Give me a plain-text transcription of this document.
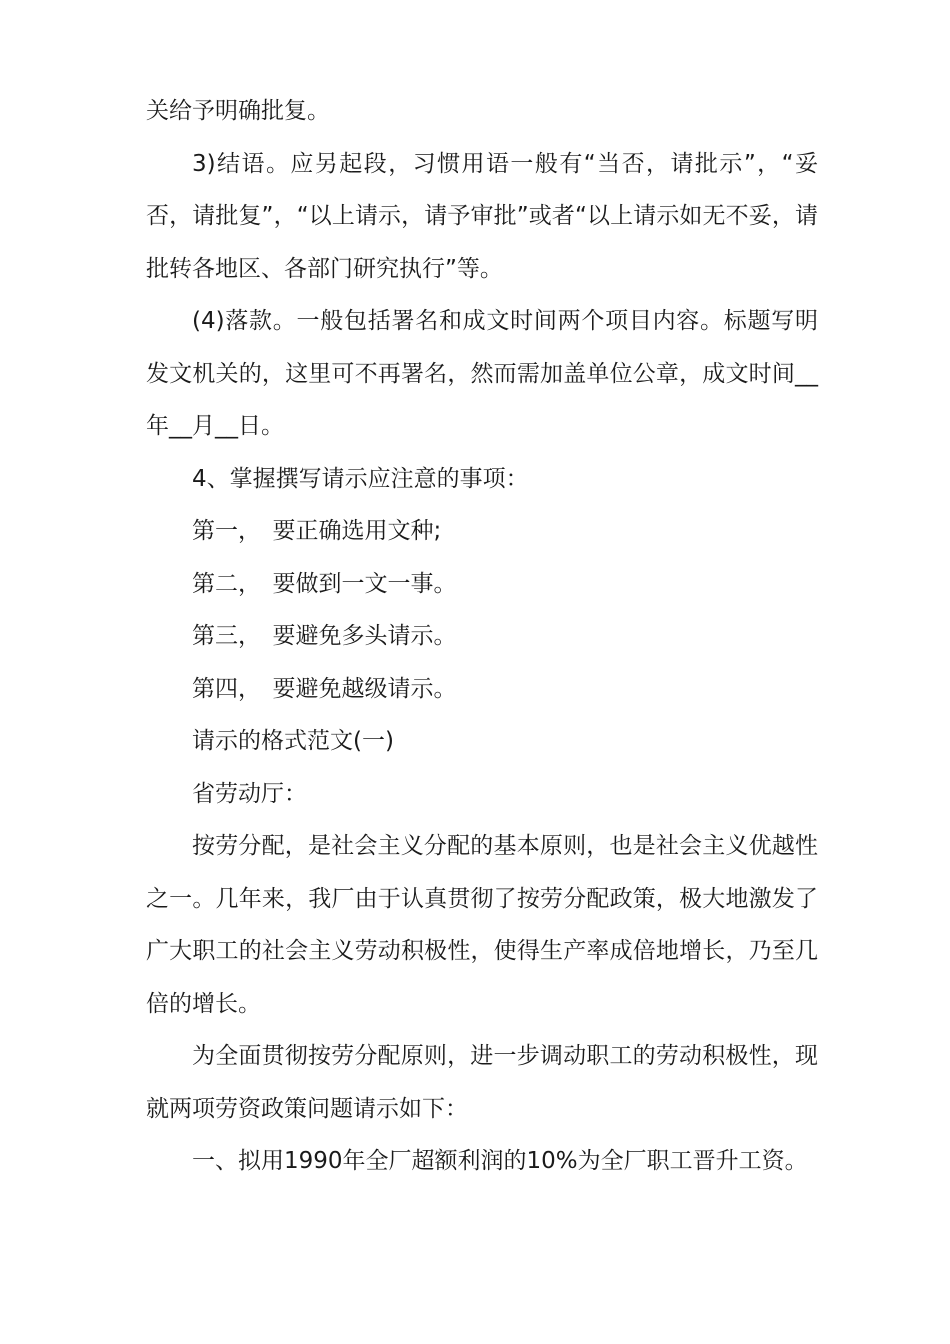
关给予明确批复。

3)结语。应另起段，习惯用语一般有“当否，请批示”，“妥否，请批复”，“以上请示，请予审批”或者“以上请示如无不妥，请批转各地区、各部门研究执行”等。

(4)落款。一般包括署名和成文时间两个项目内容。标题写明发文机关的，这里可不再署名，然而需加盖单位公章，成文时间__年__月__日。

4、掌握撰写请示应注意的事项：

第一，　要正确选用文种;

第二，　要做到一文一事。

第三，　要避免多头请示。

第四，　要避免越级请示。

请示的格式范文(一)

省劳动厅：

按劳分配，是社会主义分配的基本原则，也是社会主义优越性之一。几年来，我厂由于认真贯彻了按劳分配政策，极大地激发了广大职工的社会主义劳动积极性，使得生产率成倍地增长，乃至几倍的增长。

为全面贯彻按劳分配原则，进一步调动职工的劳动积极性，现就两项劳资政策问题请示如下：

一、拟用1990年全厂超额利润的10%为全厂职工晋升工资。
